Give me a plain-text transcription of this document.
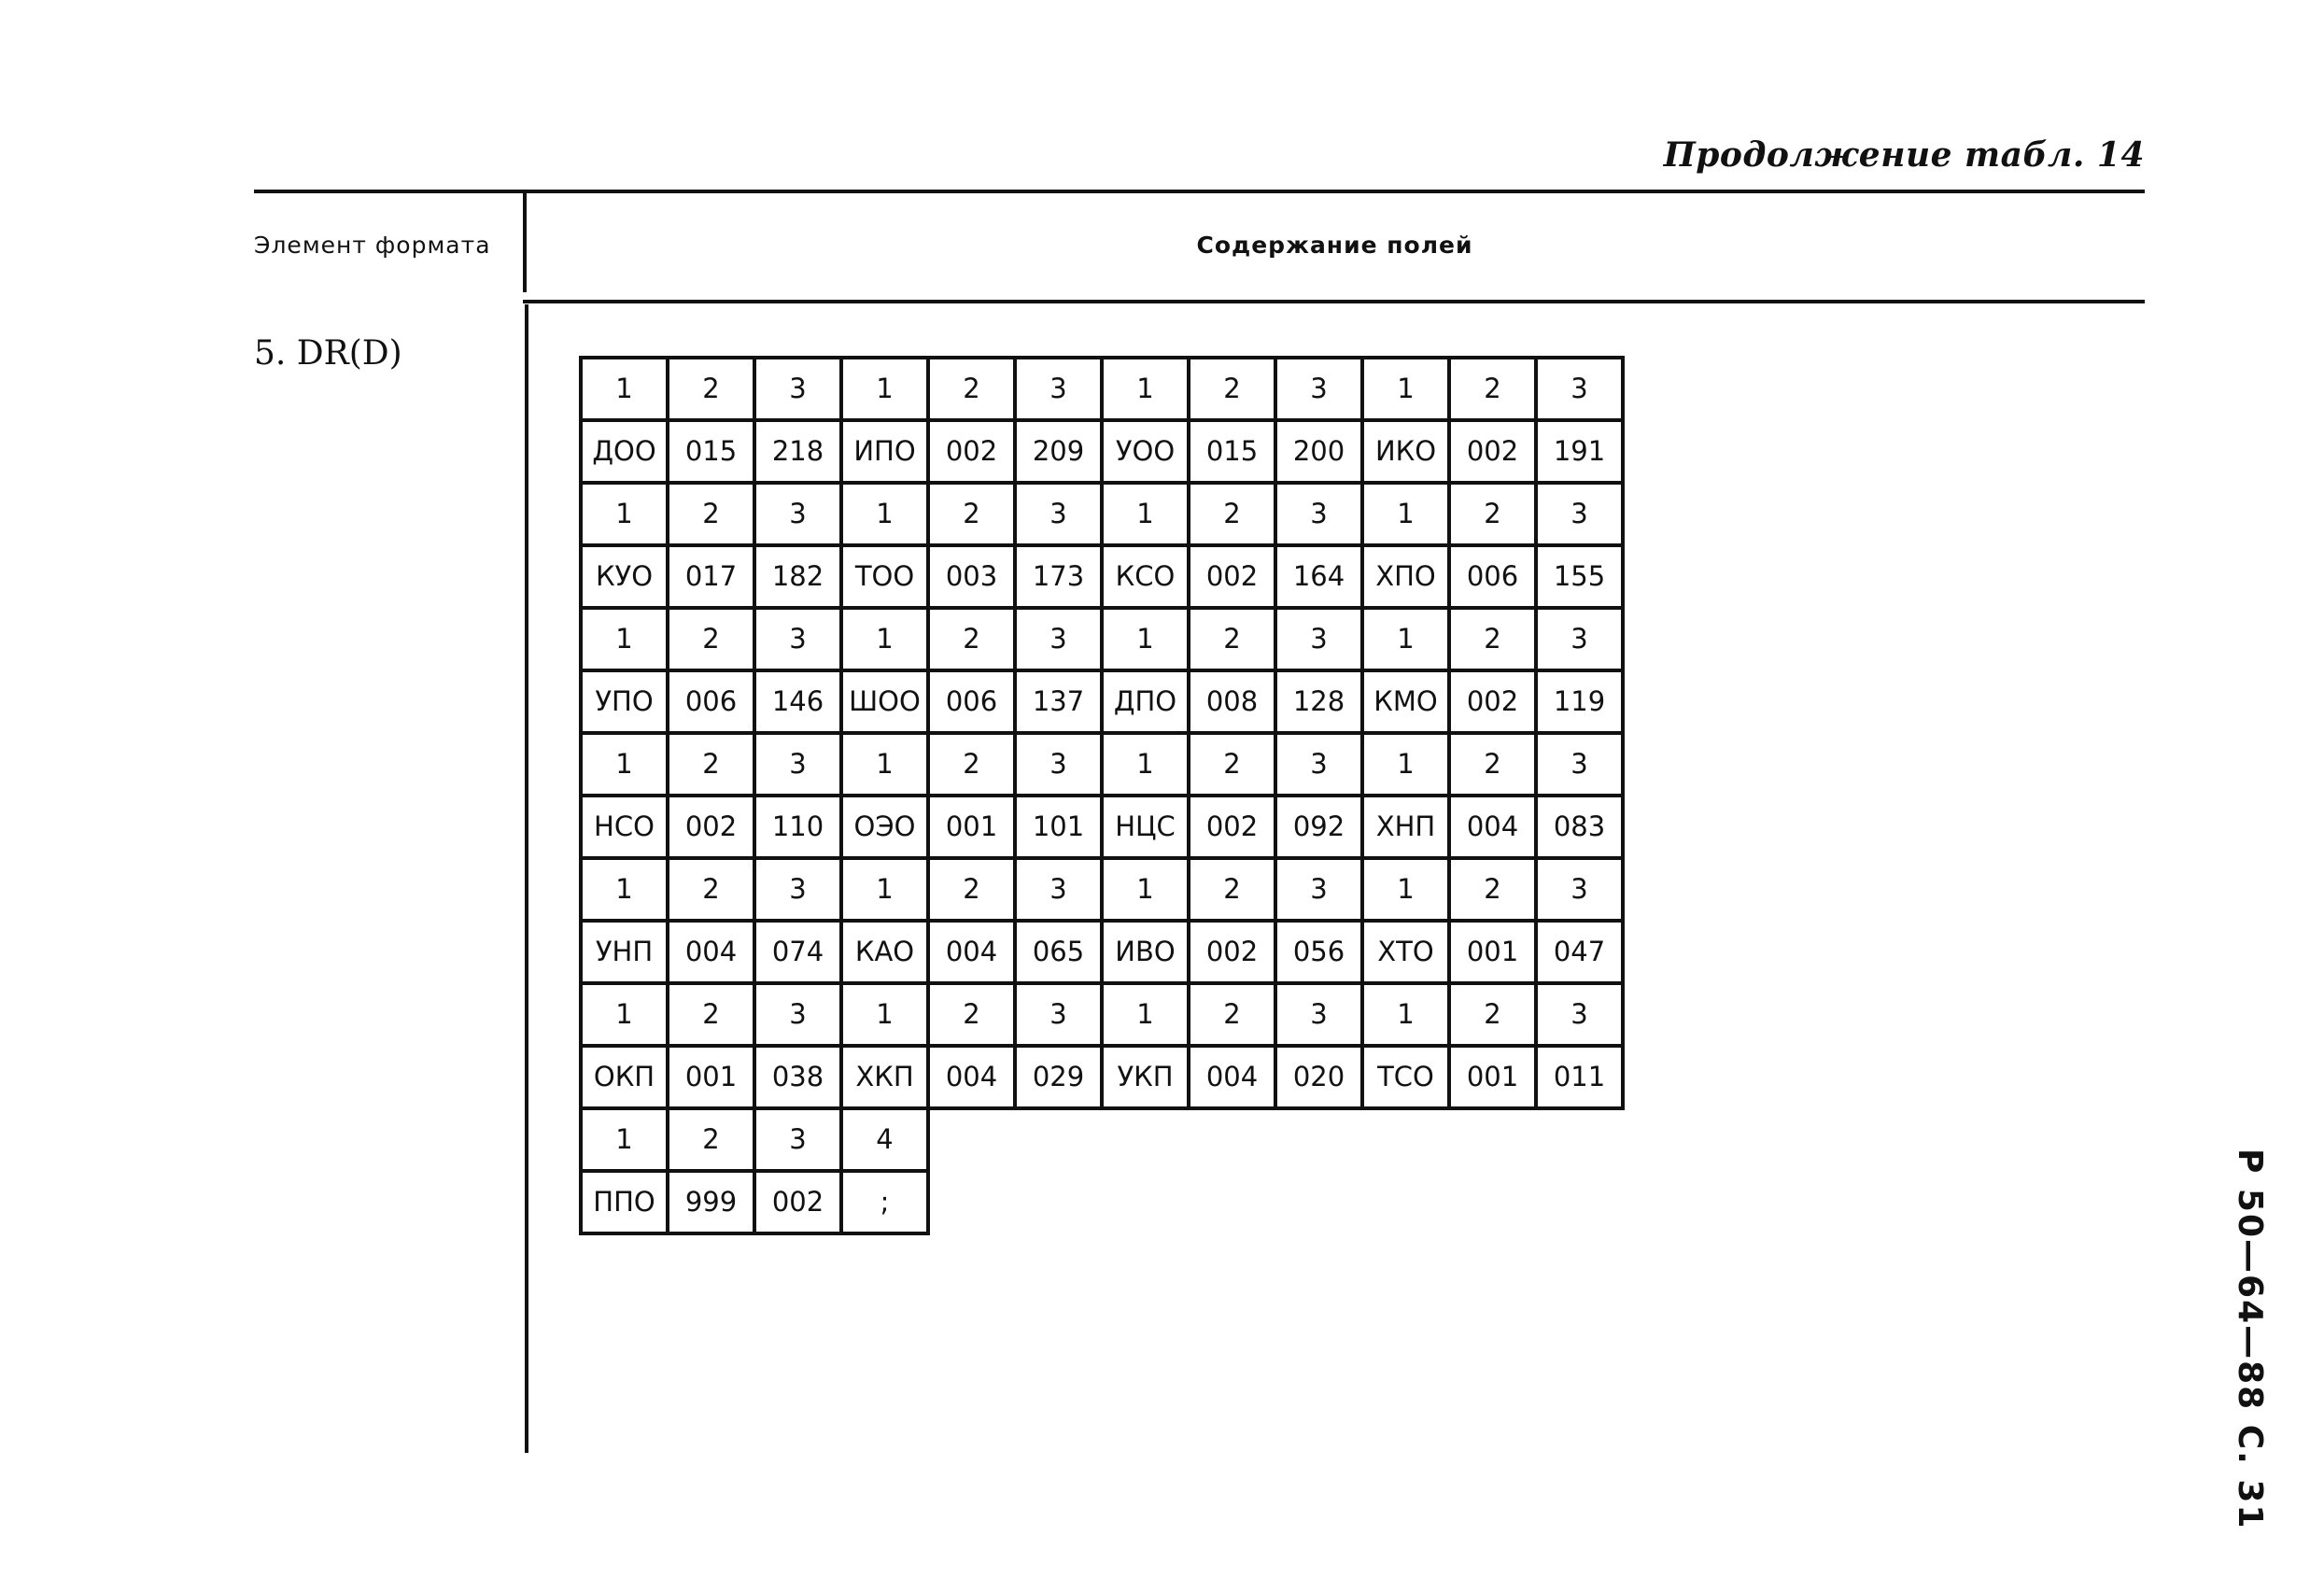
Продолжение табл. 14
Элемент формата	Содержание полей
5. DR(D)
1	2	3	1	2	3	1	2	3	1	2	3
ДОО	015	218	ИПО	002	209	УОО	015	200	ИКО	002	191
1	2	3	1	2	3	1	2	3	1	2	3
КУО	017	182	ТОО	003	173	КСО	002	164	ХПО	006	155
1	2	3	1	2	3	1	2	3	1	2	3
УПО	006	146	ШОО	006	137	ДПО	008	128	КМО	002	119
1	2	3	1	2	3	1	2	3	1	2	3
НСО	002	110	ОЭО	001	101	НЦС	002	092	ХНП	004	083
1	2	3	1	2	3	1	2	3	1	2	3
УНП	004	074	КАО	004	065	ИВО	002	056	ХТО	001	047
1	2	3	1	2	3	1	2	3	1	2	3
ОКП	001	038	ХКП	004	029	УКП	004	020	ТСО	001	011
1	2	3	4								
ППО	999	002	;									Р 50—64—88 С. 31
